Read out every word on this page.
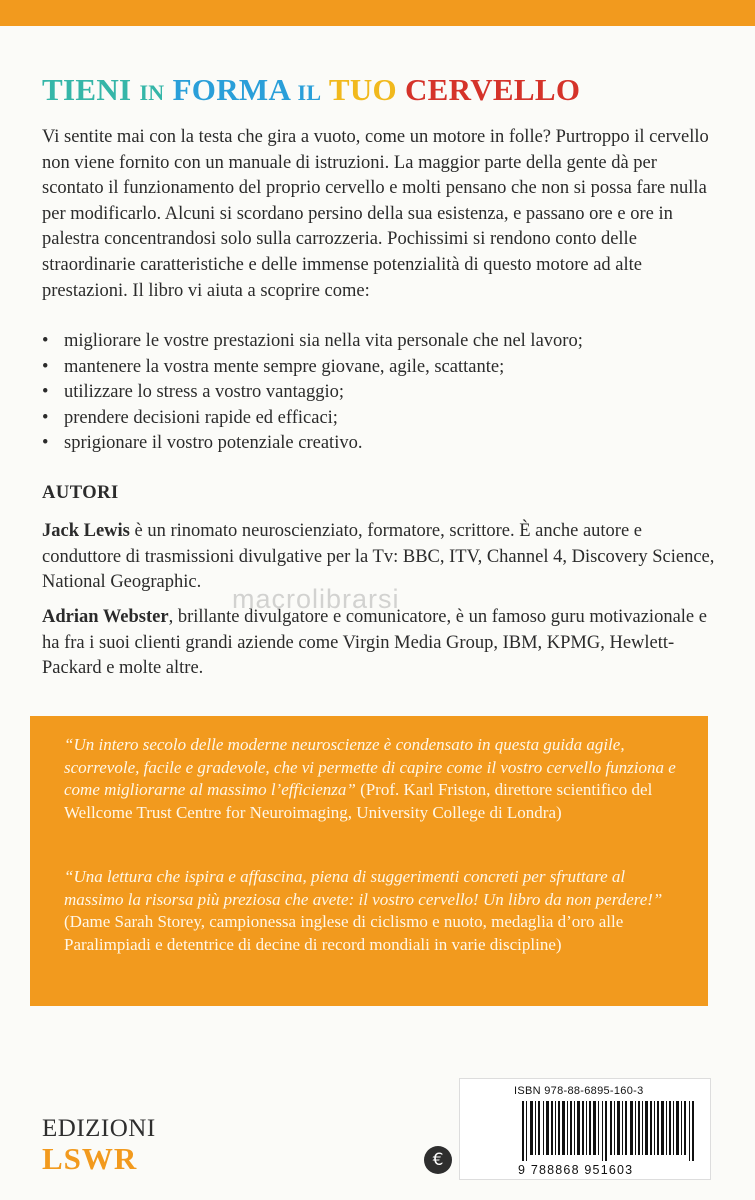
TIENI IN FORMA IL TUO CERVELLO
Vi sentite mai con la testa che gira a vuoto, come un motore in folle? Purtroppo il cervello non viene fornito con un manuale di istruzioni. La maggior parte della gente dà per scontato il funzionamento del proprio cervello e molti pensano che non si possa fare nulla per modificarlo. Alcuni si scordano persino della sua esistenza, e passano ore e ore in palestra concentrandosi solo sulla carrozzeria. Pochissimi si rendono conto delle straordinarie caratteristiche e delle immense potenzialità di questo motore ad alte prestazioni. Il libro vi aiuta a scoprire come:
• migliorare le vostre prestazioni sia nella vita personale che nel lavoro;
• mantenere la vostra mente sempre giovane, agile, scattante;
• utilizzare lo stress a vostro vantaggio;
• prendere decisioni rapide ed efficaci;
• sprigionare il vostro potenziale creativo.
AUTORI
Jack Lewis è un rinomato neuroscienziato, formatore, scrittore. È anche autore e conduttore di trasmissioni divulgative per la Tv: BBC, ITV, Channel 4, Discovery Science, National Geographic.
macrolibrarsi
Adrian Webster, brillante divulgatore e comunicatore, è un famoso guru motivazionale e ha fra i suoi clienti grandi aziende come Virgin Media Group, IBM, KPMG, Hewlett-Packard e molte altre.
“Un intero secolo delle moderne neuroscienze è condensato in questa guida agile, scorrevole, facile e gradevole, che vi permette di capire come il vostro cervello funziona e come migliorarne al massimo l’efficienza” (Prof. Karl Friston, direttore scientifico del Wellcome Trust Centre for Neuroimaging, University College di Londra)
“Una lettura che ispira e affascina, piena di suggerimenti concreti per sfruttare al massimo la risorsa più preziosa che avete: il vostro cervello! Un libro da non perdere!” (Dame Sarah Storey, campionessa inglese di ciclismo e nuoto, medaglia d’oro alle Paralimpiadi e detentrice di decine di record mondiali in varie discipline)
EDIZIONI
LSWR	€
ISBN 978-88-6895-160-3
9 788868 951603
